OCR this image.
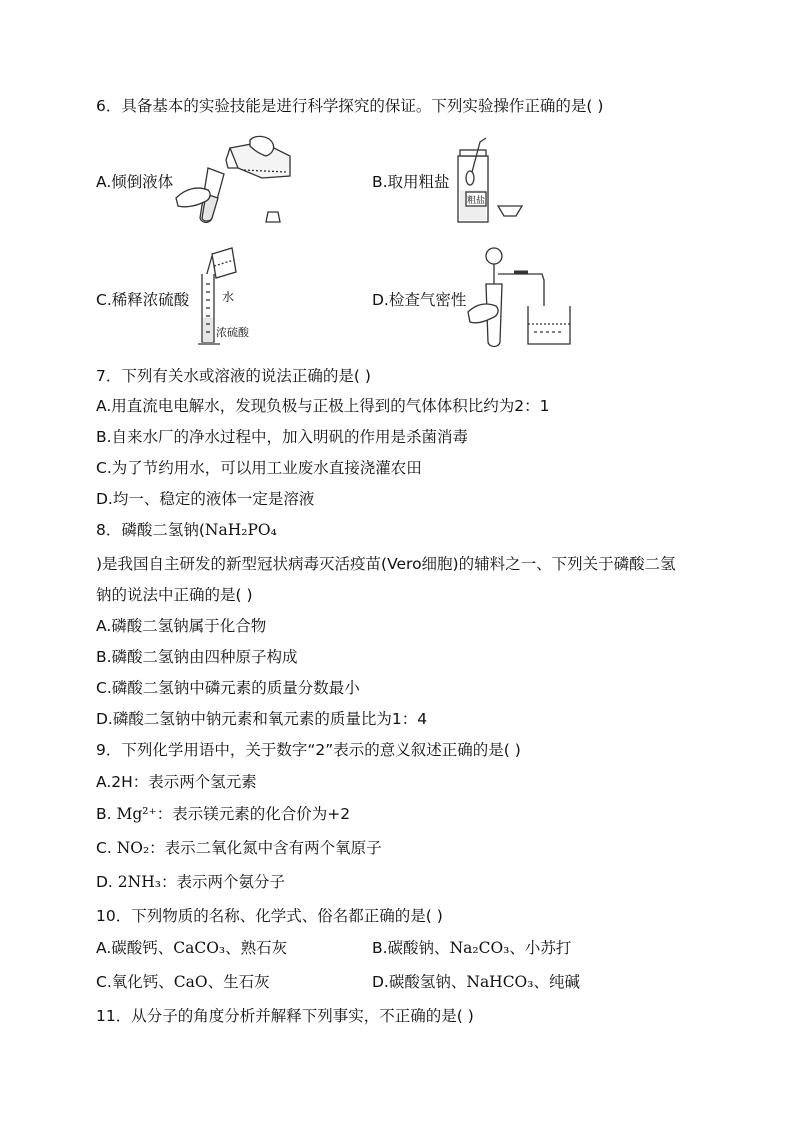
6．具备基本的实验技能是进行科学探究的保证。下列实验操作正确的是( )
A.倾倒液体	B.取用粗盐
粗盐
C.稀释浓硫酸	水
浓硫酸
D.检查气密性
7．下列有关水或溶液的说法正确的是( )
A.用直流电电解水，发现负极与正极上得到的气体体积比约为2：1
B.自来水厂的净水过程中，加入明矾的作用是杀菌消毒
C.为了节约用水，可以用工业废水直接浇灌农田
D.均一、稳定的液体一定是溶液
8．磷酸二氢钠(NaH₂PO₄
)是我国自主研发的新型冠状病毒灭活疫苗(Vero细胞)的辅料之一、下列关于磷酸二氢
钠的说法中正确的是( )
A.磷酸二氢钠属于化合物
B.磷酸二氢钠由四种原子构成
C.磷酸二氢钠中磷元素的质量分数最小
D.磷酸二氢钠中钠元素和氧元素的质量比为1：4
9．下列化学用语中，关于数字“2”表示的意义叙述正确的是( )
A.2H：表示两个氢元素
B. Mg²⁺：表示镁元素的化合价为+2
C. NO₂：表示二氧化氮中含有两个氧原子
D. 2NH₃：表示两个氨分子
10．下列物质的名称、化学式、俗名都正确的是( )
A.碳酸钙、CaCO₃、熟石灰	B.碳酸钠、Na₂CO₃、小苏打
C.氧化钙、CaO、生石灰	D.碳酸氢钠、NaHCO₃、纯碱
11．从分子的角度分析并解释下列事实，不正确的是( )
